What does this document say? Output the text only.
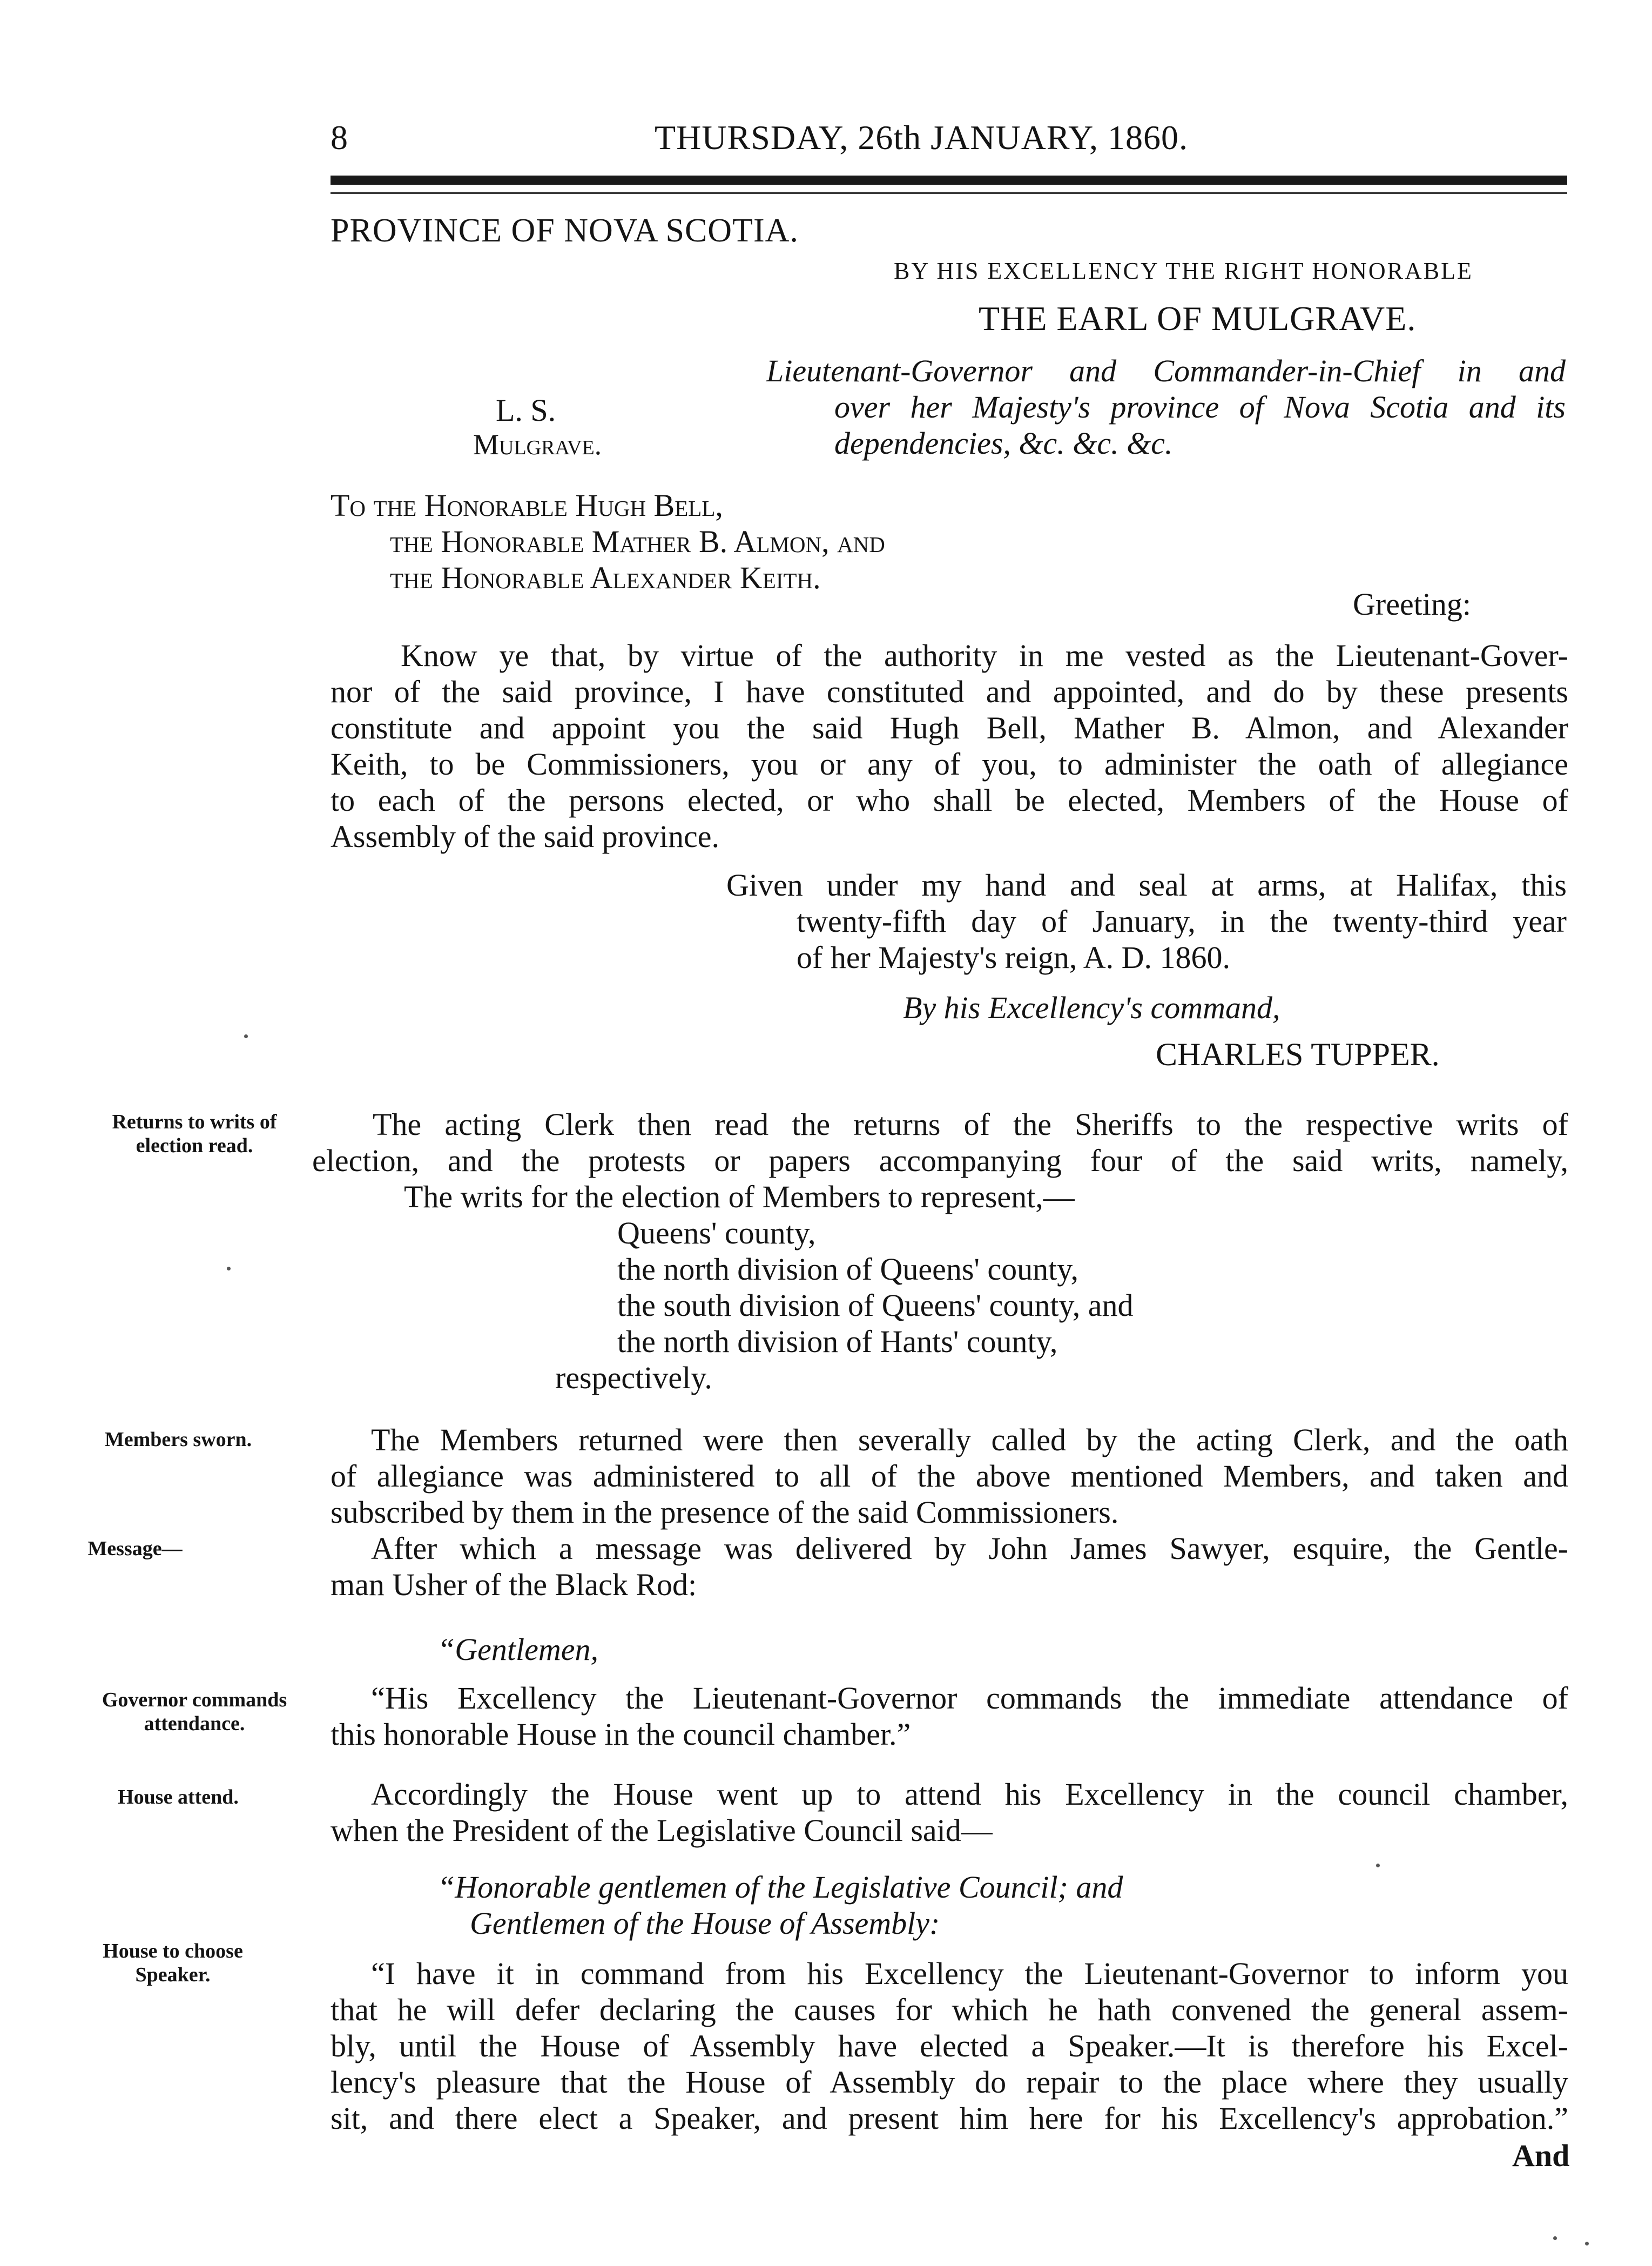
8	THURSDAY, 26th JANUARY, 1860.
PROVINCE OF NOVA SCOTIA.
BY HIS EXCELLENCY THE RIGHT HONORABLE
THE EARL OF MULGRAVE.
Lieutenant-Governor and Commander-in-Chief in and
over her Majesty's province of Nova Scotia and its
dependencies, &c. &c. &c.
L. S.
Mulgrave.
To the Honorable Hugh Bell,
the Honorable Mather B. Almon, and
the Honorable Alexander Keith.
Greeting:
Know ye that, by virtue of the authority in me vested as the Lieutenant-Gover-
nor of the said province, I have constituted and appointed, and do by these presents
constitute and appoint you the said Hugh Bell, Mather B. Almon, and Alexander
Keith, to be Commissioners, you or any of you, to administer the oath of allegiance
to each of the persons elected, or who shall be elected, Members of the House of
Assembly of the said province.
Given under my hand and seal at arms, at Halifax, this
twenty-fifth day of January, in the twenty-third year
of her Majesty's reign, A. D. 1860.
By his Excellency's command,
CHARLES TUPPER.
Returns to writs of
election read.
Members sworn.
Message—
Governor commands
attendance.
House attend.
House to choose
Speaker.
The acting Clerk then read the returns of the Sheriffs to the respective writs of
election, and the protests or papers accompanying four of the said writs, namely,
The writs for the election of Members to represent,—
Queens' county,
the north division of Queens' county,
the south division of Queens' county, and
the north division of Hants' county,
respectively.
The Members returned were then severally called by the acting Clerk, and the oath
of allegiance was administered to all of the above mentioned Members, and taken and
subscribed by them in the presence of the said Commissioners.
After which a message was delivered by John James Sawyer, esquire, the Gentle-
man Usher of the Black Rod:
“Gentlemen,
“His Excellency the Lieutenant-Governor commands the immediate attendance of
this honorable House in the council chamber.”
Accordingly the House went up to attend his Excellency in the council chamber,
when the President of the Legislative Council said—
“Honorable gentlemen of the Legislative Council; and
Gentlemen of the House of Assembly:
“I have it in command from his Excellency the Lieutenant-Governor to inform you
that he will defer declaring the causes for which he hath convened the general assem-
bly, until the House of Assembly have elected a Speaker.—It is therefore his Excel-
lency's pleasure that the House of Assembly do repair to the place where they usually
sit, and there elect a Speaker, and present him here for his Excellency's approbation.”
And
